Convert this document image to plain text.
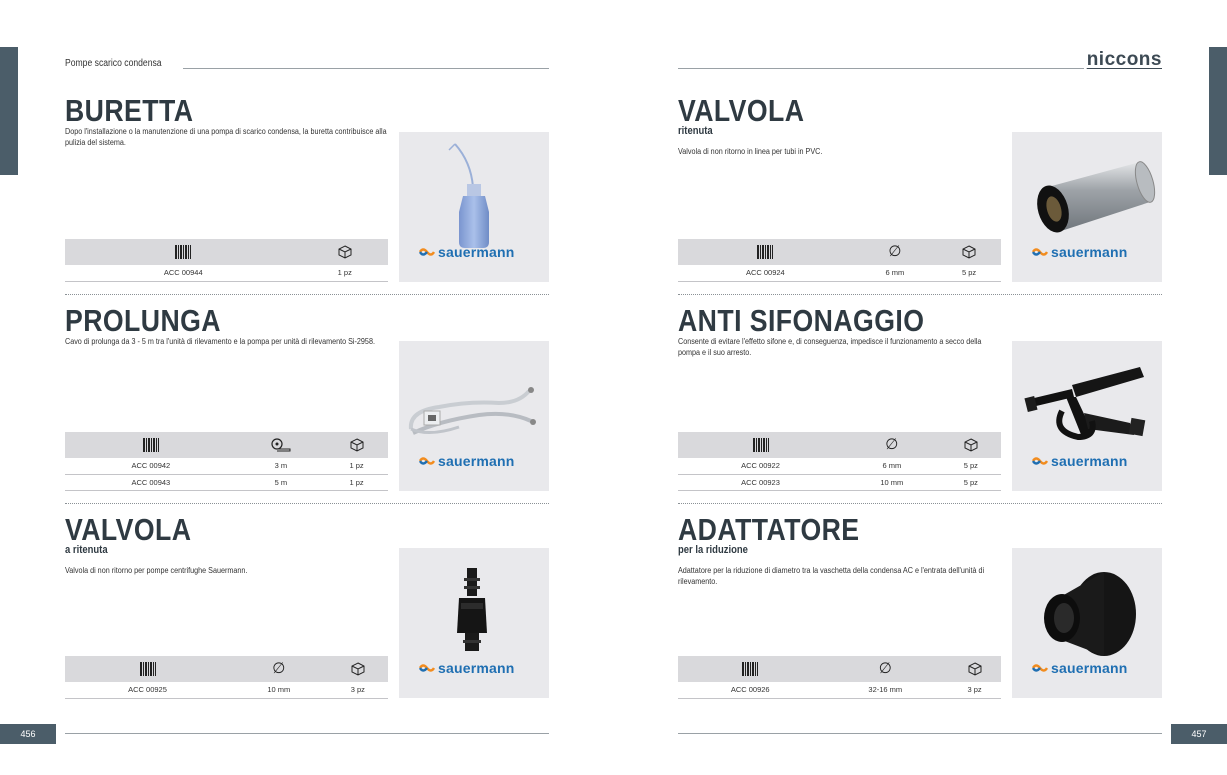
Pompe scarico condensa
BURETTA
Dopo l'installazione o la manutenzione di una pompa di scarico condensa, la buretta contribuisce alla pulizia del sistema.

ACC 00944	1 pz
sauermann
PROLUNGA
Cavo di prolunga da 3 - 5 m tra l'unità di rilevamento e la pompa per unità di rilevamento Si-2958.

ACC 00942	3 m	1 pz
ACC 00943	5 m	1 pz
sauermann
VALVOLA
a ritenuta
Valvola di non ritorno per pompe centrifughe Sauermann.
	∅	
ACC 00925	10 mm	3 pz
sauermann
456
niccons
VALVOLA
ritenuta
Valvola di non ritorno in linea per tubi in PVC.
	∅	
ACC 00924	6 mm	5 pz
sauermann
ANTI SIFONAGGIO
Consente di evitare l'effetto sifone e, di conseguenza, impedisce il funzionamento a secco della pompa e il suo arresto.
	∅	
ACC 00922	6 mm	5 pz
ACC 00923	10 mm	5 pz
sauermann
ADATTATORE
per la riduzione
Adattatore per la riduzione di diametro tra la vaschetta della condensa AC e l'entrata dell'unità di rilevamento.
	∅	
ACC 00926	32-16 mm	3 pz
sauermann
457
